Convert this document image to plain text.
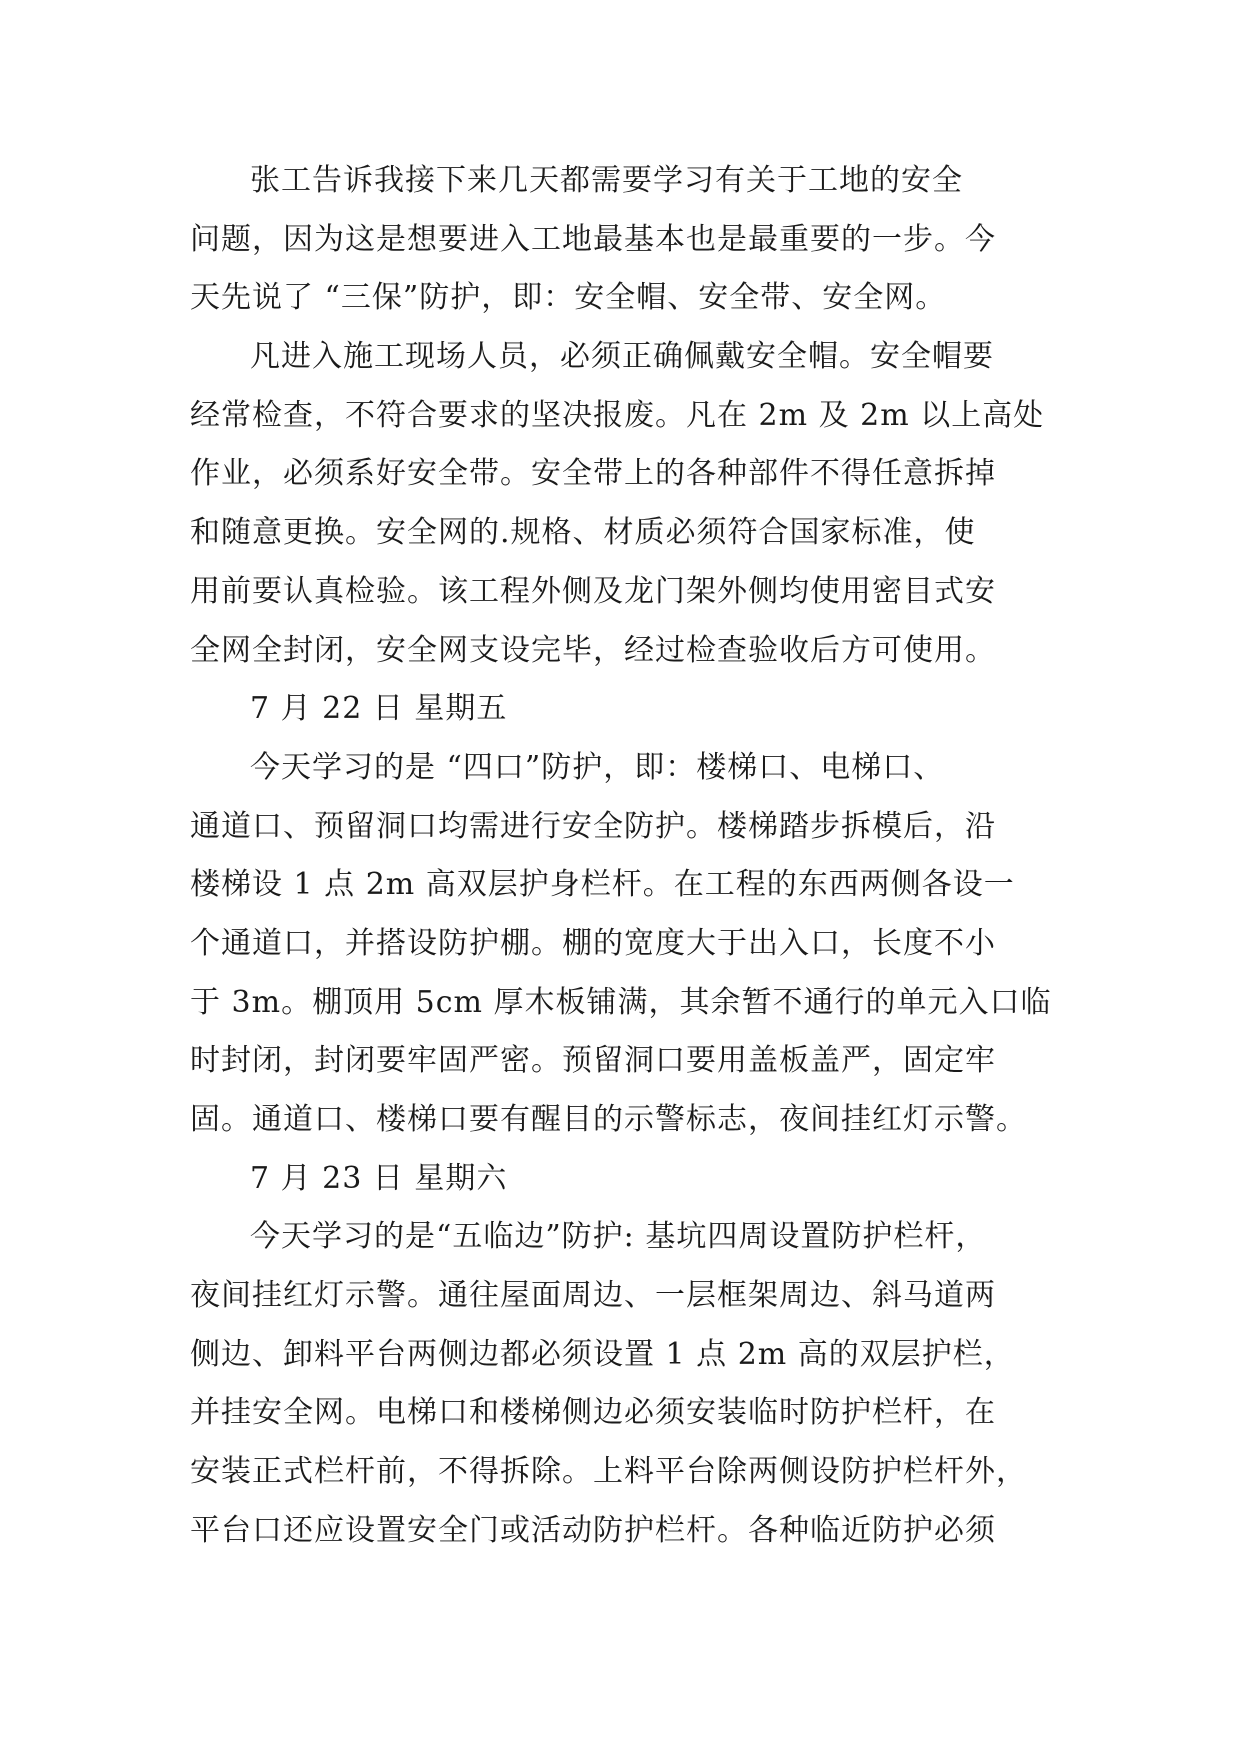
张工告诉我接下来几天都需要学习有关于工地的安全
问题，因为这是想要进入工地最基本也是最重要的一步。今
天先说了 “三保”防护，即：安全帽、安全带、安全网。
凡进入施工现场人员，必须正确佩戴安全帽。安全帽要
经常检查，不符合要求的坚决报废。凡在 2m 及 2m 以上高处
作业，必须系好安全带。安全带上的各种部件不得任意拆掉
和随意更换。安全网的.规格、材质必须符合国家标准，使
用前要认真检验。该工程外侧及龙门架外侧均使用密目式安
全网全封闭，安全网支设完毕，经过检查验收后方可使用。
7 月 22 日 星期五
今天学习的是 “四口”防护，即：楼梯口、电梯口、
通道口、预留洞口均需进行安全防护。楼梯踏步拆模后，沿
楼梯设 1 点 2m 高双层护身栏杆。在工程的东西两侧各设一
个通道口，并搭设防护棚。棚的宽度大于出入口，长度不小
于 3m。棚顶用 5cm 厚木板铺满，其余暂不通行的单元入口临
时封闭，封闭要牢固严密。预留洞口要用盖板盖严，固定牢
固。通道口、楼梯口要有醒目的示警标志，夜间挂红灯示警。
7 月 23 日 星期六
今天学习的是“五临边”防护: 基坑四周设置防护栏杆，
夜间挂红灯示警。通往屋面周边、一层框架周边、斜马道两
侧边、卸料平台两侧边都必须设置 1 点 2m 高的双层护栏，
并挂安全网。电梯口和楼梯侧边必须安装临时防护栏杆，在
安装正式栏杆前，不得拆除。上料平台除两侧设防护栏杆外，
平台口还应设置安全门或活动防护栏杆。各种临近防护必须
